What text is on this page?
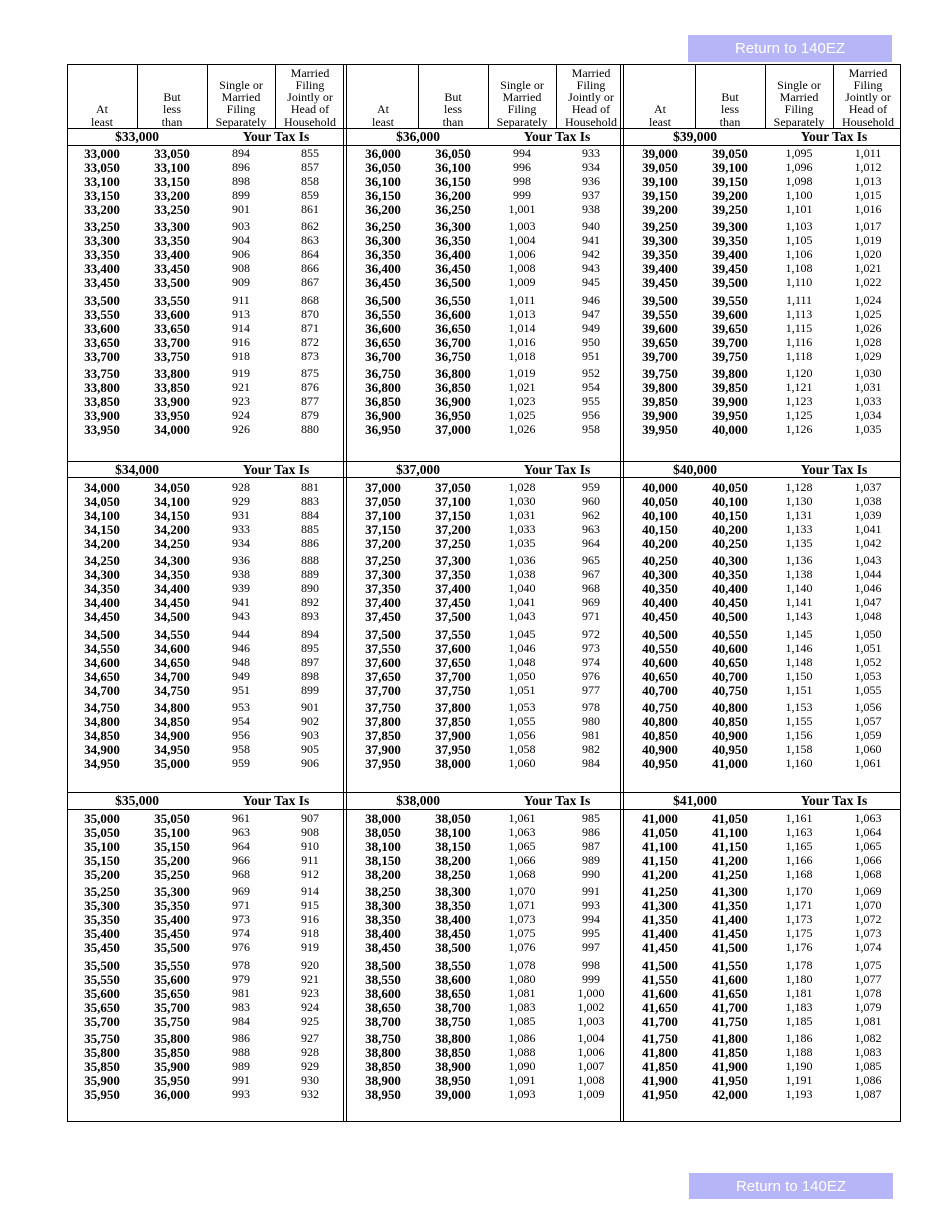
Return to 140EZ
At
least
But
less
than
Single or
Married
Filing
Separately
Married
Filing
Jointly or
Head of
Household
$33,000	Your Tax Is
33,000	33,050	894	855
33,050	33,100	896	857
33,100	33,150	898	858
33,150	33,200	899	859
33,200	33,250	901	861
33,250	33,300	903	862
33,300	33,350	904	863
33,350	33,400	906	864
33,400	33,450	908	866
33,450	33,500	909	867
33,500	33,550	911	868
33,550	33,600	913	870
33,600	33,650	914	871
33,650	33,700	916	872
33,700	33,750	918	873
33,750	33,800	919	875
33,800	33,850	921	876
33,850	33,900	923	877
33,900	33,950	924	879
33,950	34,000	926	880
$34,000	Your Tax Is
34,000	34,050	928	881
34,050	34,100	929	883
34,100	34,150	931	884
34,150	34,200	933	885
34,200	34,250	934	886
34,250	34,300	936	888
34,300	34,350	938	889
34,350	34,400	939	890
34,400	34,450	941	892
34,450	34,500	943	893
34,500	34,550	944	894
34,550	34,600	946	895
34,600	34,650	948	897
34,650	34,700	949	898
34,700	34,750	951	899
34,750	34,800	953	901
34,800	34,850	954	902
34,850	34,900	956	903
34,900	34,950	958	905
34,950	35,000	959	906
$35,000	Your Tax Is
35,000	35,050	961	907
35,050	35,100	963	908
35,100	35,150	964	910
35,150	35,200	966	911
35,200	35,250	968	912
35,250	35,300	969	914
35,300	35,350	971	915
35,350	35,400	973	916
35,400	35,450	974	918
35,450	35,500	976	919
35,500	35,550	978	920
35,550	35,600	979	921
35,600	35,650	981	923
35,650	35,700	983	924
35,700	35,750	984	925
35,750	35,800	986	927
35,800	35,850	988	928
35,850	35,900	989	929
35,900	35,950	991	930
35,950	36,000	993	932
At
least
But
less
than
Single or
Married
Filing
Separately
Married
Filing
Jointly or
Head of
Household
$36,000	Your Tax Is
36,000	36,050	994	933
36,050	36,100	996	934
36,100	36,150	998	936
36,150	36,200	999	937
36,200	36,250	1,001	938
36,250	36,300	1,003	940
36,300	36,350	1,004	941
36,350	36,400	1,006	942
36,400	36,450	1,008	943
36,450	36,500	1,009	945
36,500	36,550	1,011	946
36,550	36,600	1,013	947
36,600	36,650	1,014	949
36,650	36,700	1,016	950
36,700	36,750	1,018	951
36,750	36,800	1,019	952
36,800	36,850	1,021	954
36,850	36,900	1,023	955
36,900	36,950	1,025	956
36,950	37,000	1,026	958
$37,000	Your Tax Is
37,000	37,050	1,028	959
37,050	37,100	1,030	960
37,100	37,150	1,031	962
37,150	37,200	1,033	963
37,200	37,250	1,035	964
37,250	37,300	1,036	965
37,300	37,350	1,038	967
37,350	37,400	1,040	968
37,400	37,450	1,041	969
37,450	37,500	1,043	971
37,500	37,550	1,045	972
37,550	37,600	1,046	973
37,600	37,650	1,048	974
37,650	37,700	1,050	976
37,700	37,750	1,051	977
37,750	37,800	1,053	978
37,800	37,850	1,055	980
37,850	37,900	1,056	981
37,900	37,950	1,058	982
37,950	38,000	1,060	984
$38,000	Your Tax Is
38,000	38,050	1,061	985
38,050	38,100	1,063	986
38,100	38,150	1,065	987
38,150	38,200	1,066	989
38,200	38,250	1,068	990
38,250	38,300	1,070	991
38,300	38,350	1,071	993
38,350	38,400	1,073	994
38,400	38,450	1,075	995
38,450	38,500	1,076	997
38,500	38,550	1,078	998
38,550	38,600	1,080	999
38,600	38,650	1,081	1,000
38,650	38,700	1,083	1,002
38,700	38,750	1,085	1,003
38,750	38,800	1,086	1,004
38,800	38,850	1,088	1,006
38,850	38,900	1,090	1,007
38,900	38,950	1,091	1,008
38,950	39,000	1,093	1,009
At
least
But
less
than
Single or
Married
Filing
Separately
Married
Filing
Jointly or
Head of
Household
$39,000	Your Tax Is
39,000	39,050	1,095	1,011
39,050	39,100	1,096	1,012
39,100	39,150	1,098	1,013
39,150	39,200	1,100	1,015
39,200	39,250	1,101	1,016
39,250	39,300	1,103	1,017
39,300	39,350	1,105	1,019
39,350	39,400	1,106	1,020
39,400	39,450	1,108	1,021
39,450	39,500	1,110	1,022
39,500	39,550	1,111	1,024
39,550	39,600	1,113	1,025
39,600	39,650	1,115	1,026
39,650	39,700	1,116	1,028
39,700	39,750	1,118	1,029
39,750	39,800	1,120	1,030
39,800	39,850	1,121	1,031
39,850	39,900	1,123	1,033
39,900	39,950	1,125	1,034
39,950	40,000	1,126	1,035
$40,000	Your Tax Is
40,000	40,050	1,128	1,037
40,050	40,100	1,130	1,038
40,100	40,150	1,131	1,039
40,150	40,200	1,133	1,041
40,200	40,250	1,135	1,042
40,250	40,300	1,136	1,043
40,300	40,350	1,138	1,044
40,350	40,400	1,140	1,046
40,400	40,450	1,141	1,047
40,450	40,500	1,143	1,048
40,500	40,550	1,145	1,050
40,550	40,600	1,146	1,051
40,600	40,650	1,148	1,052
40,650	40,700	1,150	1,053
40,700	40,750	1,151	1,055
40,750	40,800	1,153	1,056
40,800	40,850	1,155	1,057
40,850	40,900	1,156	1,059
40,900	40,950	1,158	1,060
40,950	41,000	1,160	1,061
$41,000	Your Tax Is
41,000	41,050	1,161	1,063
41,050	41,100	1,163	1,064
41,100	41,150	1,165	1,065
41,150	41,200	1,166	1,066
41,200	41,250	1,168	1,068
41,250	41,300	1,170	1,069
41,300	41,350	1,171	1,070
41,350	41,400	1,173	1,072
41,400	41,450	1,175	1,073
41,450	41,500	1,176	1,074
41,500	41,550	1,178	1,075
41,550	41,600	1,180	1,077
41,600	41,650	1,181	1,078
41,650	41,700	1,183	1,079
41,700	41,750	1,185	1,081
41,750	41,800	1,186	1,082
41,800	41,850	1,188	1,083
41,850	41,900	1,190	1,085
41,900	41,950	1,191	1,086
41,950	42,000	1,193	1,087
Return to 140EZ
